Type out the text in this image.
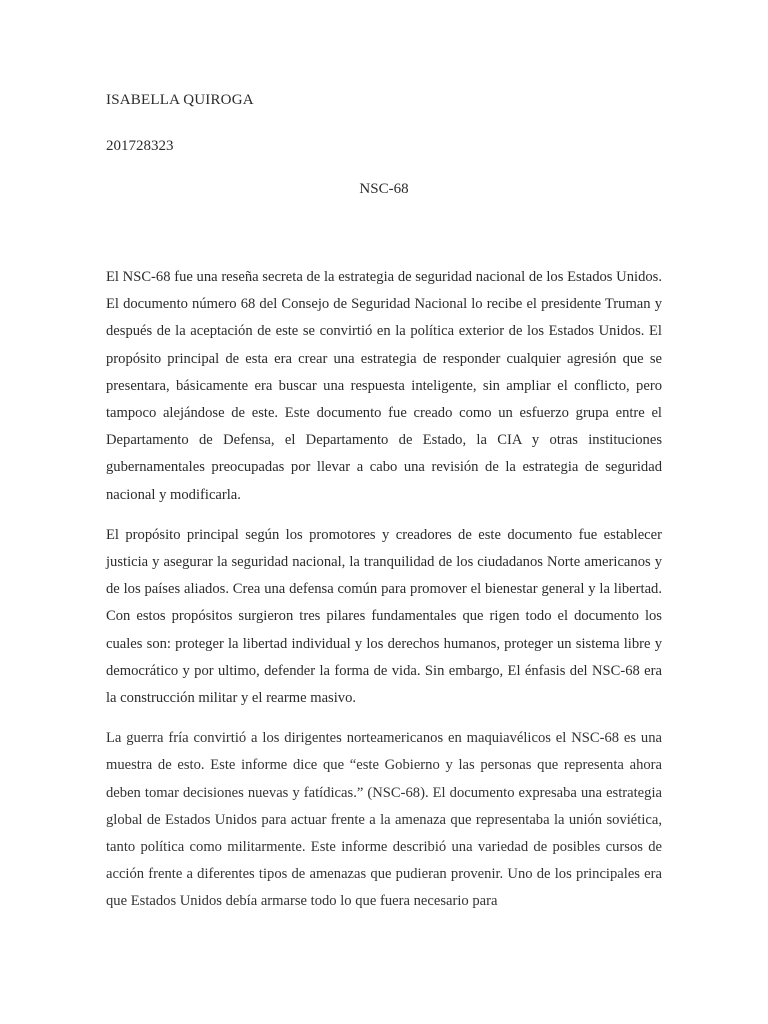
ISABELLA QUIROGA
201728323
NSC-68

El NSC-68 fue una reseña secreta de la estrategia de seguridad nacional de los Estados Unidos. El documento número 68 del Consejo de Seguridad Nacional lo recibe el presidente Truman y después de la aceptación de este se convirtió en la política exterior de los Estados Unidos. El propósito principal de esta era crear una estrategia de responder cualquier agresión que se presentara, básicamente era buscar una respuesta inteligente, sin ampliar el conflicto, pero tampoco alejándose de este. Este documento fue creado como un esfuerzo grupa entre el Departamento de Defensa, el Departamento de Estado, la CIA y otras instituciones gubernamentales preocupadas por llevar a cabo una revisión de la estrategia de seguridad nacional y modificarla.

El propósito principal según los promotores y creadores de este documento fue establecer justicia y asegurar la seguridad nacional, la tranquilidad de los ciudadanos Norte americanos y de los países aliados. Crea una defensa común para promover el bienestar general y la libertad. Con estos propósitos surgieron tres pilares fundamentales que rigen todo el documento los cuales son: proteger la libertad individual y los derechos humanos, proteger un sistema libre y democrático y por ultimo, defender la forma de vida. Sin embargo, El énfasis del NSC-68 era la construcción militar y el rearme masivo.

La guerra fría convirtió a los dirigentes norteamericanos en maquiavélicos el NSC-68 es una muestra de esto. Este informe dice que “este Gobierno y las personas que representa ahora deben tomar decisiones nuevas y fatídicas.” (NSC-68). El documento expresaba una estrategia global de Estados Unidos para actuar frente a la amenaza que representaba la unión soviética, tanto política como militarmente. Este informe describió una variedad de posibles cursos de acción frente a diferentes tipos de amenazas que pudieran provenir. Uno de los principales era que Estados Unidos debía armarse todo lo que fuera necesario para
